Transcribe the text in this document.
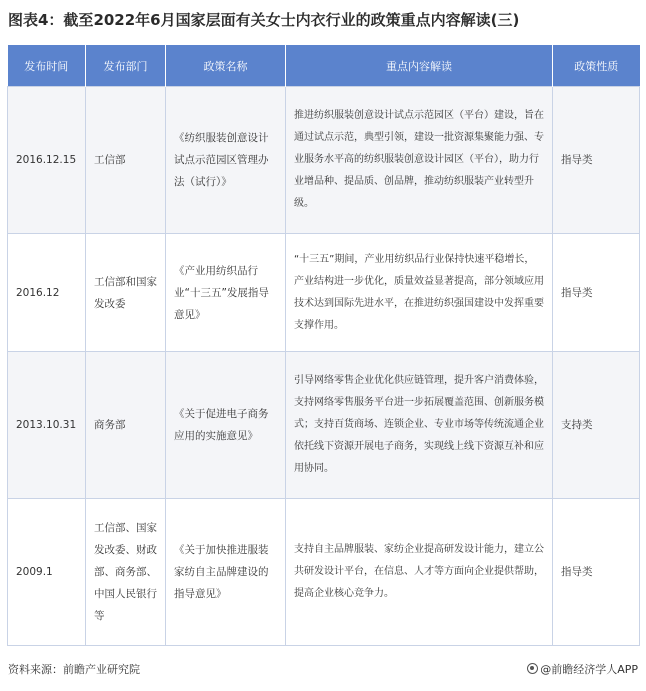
图表4：截至2022年6月国家层面有关女士内衣行业的政策重点内容解读(三)
发布时间	发布部门	政策名称	重点内容解读	政策性质
2016.12.15	工信部	《纺织服装创意设计试点示范园区管理办法（试行）》	推进纺织服装创意设计试点示范园区（平台）建设，旨在通过试点示范，典型引领，建设一批资源集聚能力强、专业服务水平高的纺织服装创意设计园区（平台），助力行业增品种、提品质、创品牌，推动纺织服装产业转型升级。	指导类
2016.12	工信部和国家发改委	《产业用纺织品行业“十三五”发展指导意见》	“十三五”期间，产业用纺织品行业保持快速平稳增长，产业结构进一步优化，质量效益显著提高，部分领域应用技术达到国际先进水平，在推进纺织强国建设中发挥重要支撑作用。	指导类
2013.10.31	商务部	《关于促进电子商务应用的实施意见》	引导网络零售企业优化供应链管理，提升客户消费体验，支持网络零售服务平台进一步拓展覆盖范围、创新服务模式；支持百货商场、连锁企业、专业市场等传统流通企业依托线下资源开展电子商务，实现线上线下资源互补和应用协同。	支持类
2009.1	工信部、国家发改委、财政部、商务部、中国人民银行等	《关于加快推进服装家纺自主品牌建设的指导意见》	支持自主品牌服装、家纺企业提高研发设计能力，建立公共研发设计平台，在信息、人才等方面向企业提供帮助，提高企业核心竞争力。	指导类
资料来源：前瞻产业研究院	@前瞻经济学人APP
